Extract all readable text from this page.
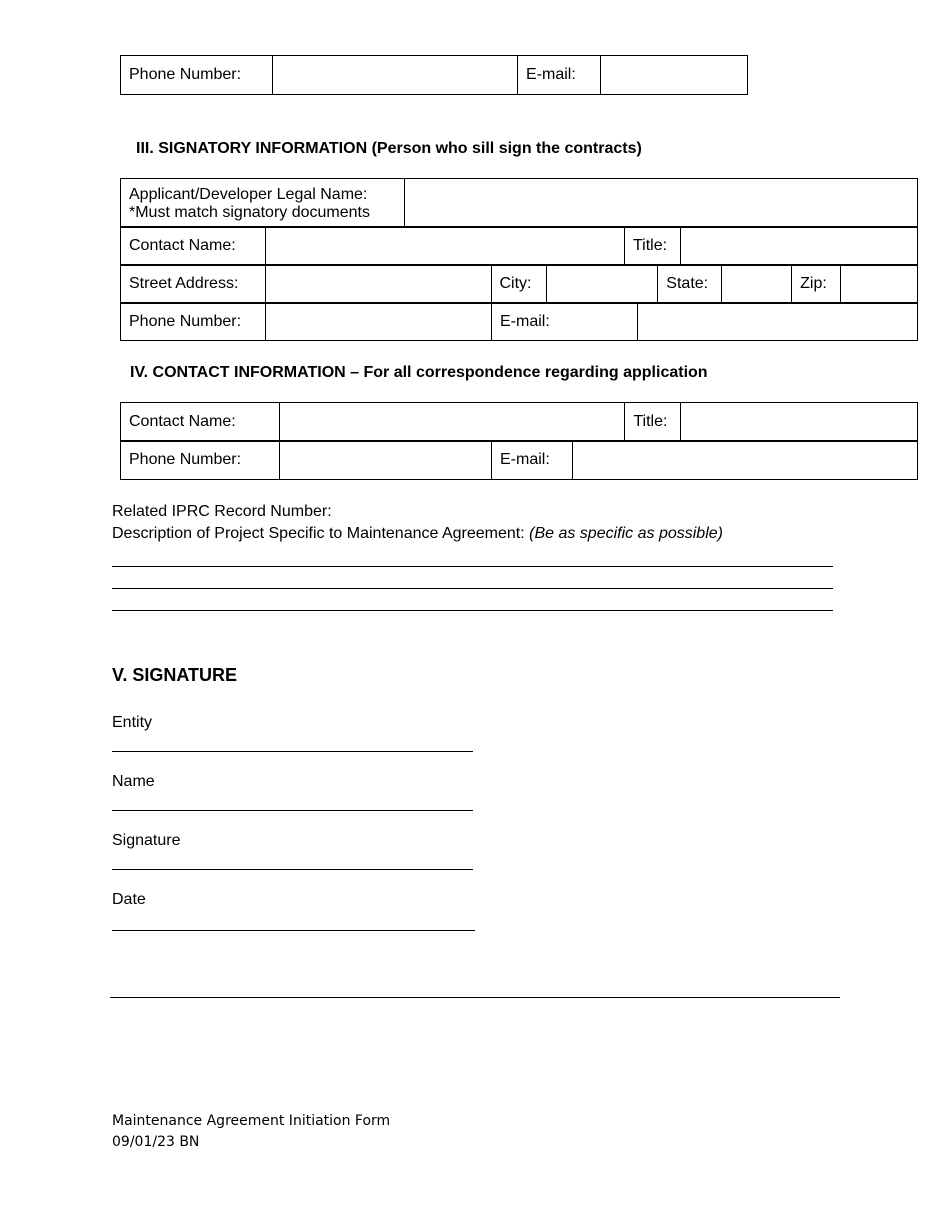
Phone Number:	E-mail:
III. SIGNATORY INFORMATION (Person who sill sign the contracts)
Applicant/Developer Legal Name:
*Must match signatory documents
Contact Name:	Title:
Street Address:	City:	State:	Zip:
Phone Number:	E-mail:
IV. CONTACT INFORMATION – For all correspondence regarding application
Contact Name:	Title:
Phone Number:	E-mail:
Related IPRC Record Number:
Description of Project Specific to Maintenance Agreement: (Be as specific as possible)
V. SIGNATURE
Entity
Name
Signature
Date
Maintenance Agreement Initiation Form
09/01/23 BN
